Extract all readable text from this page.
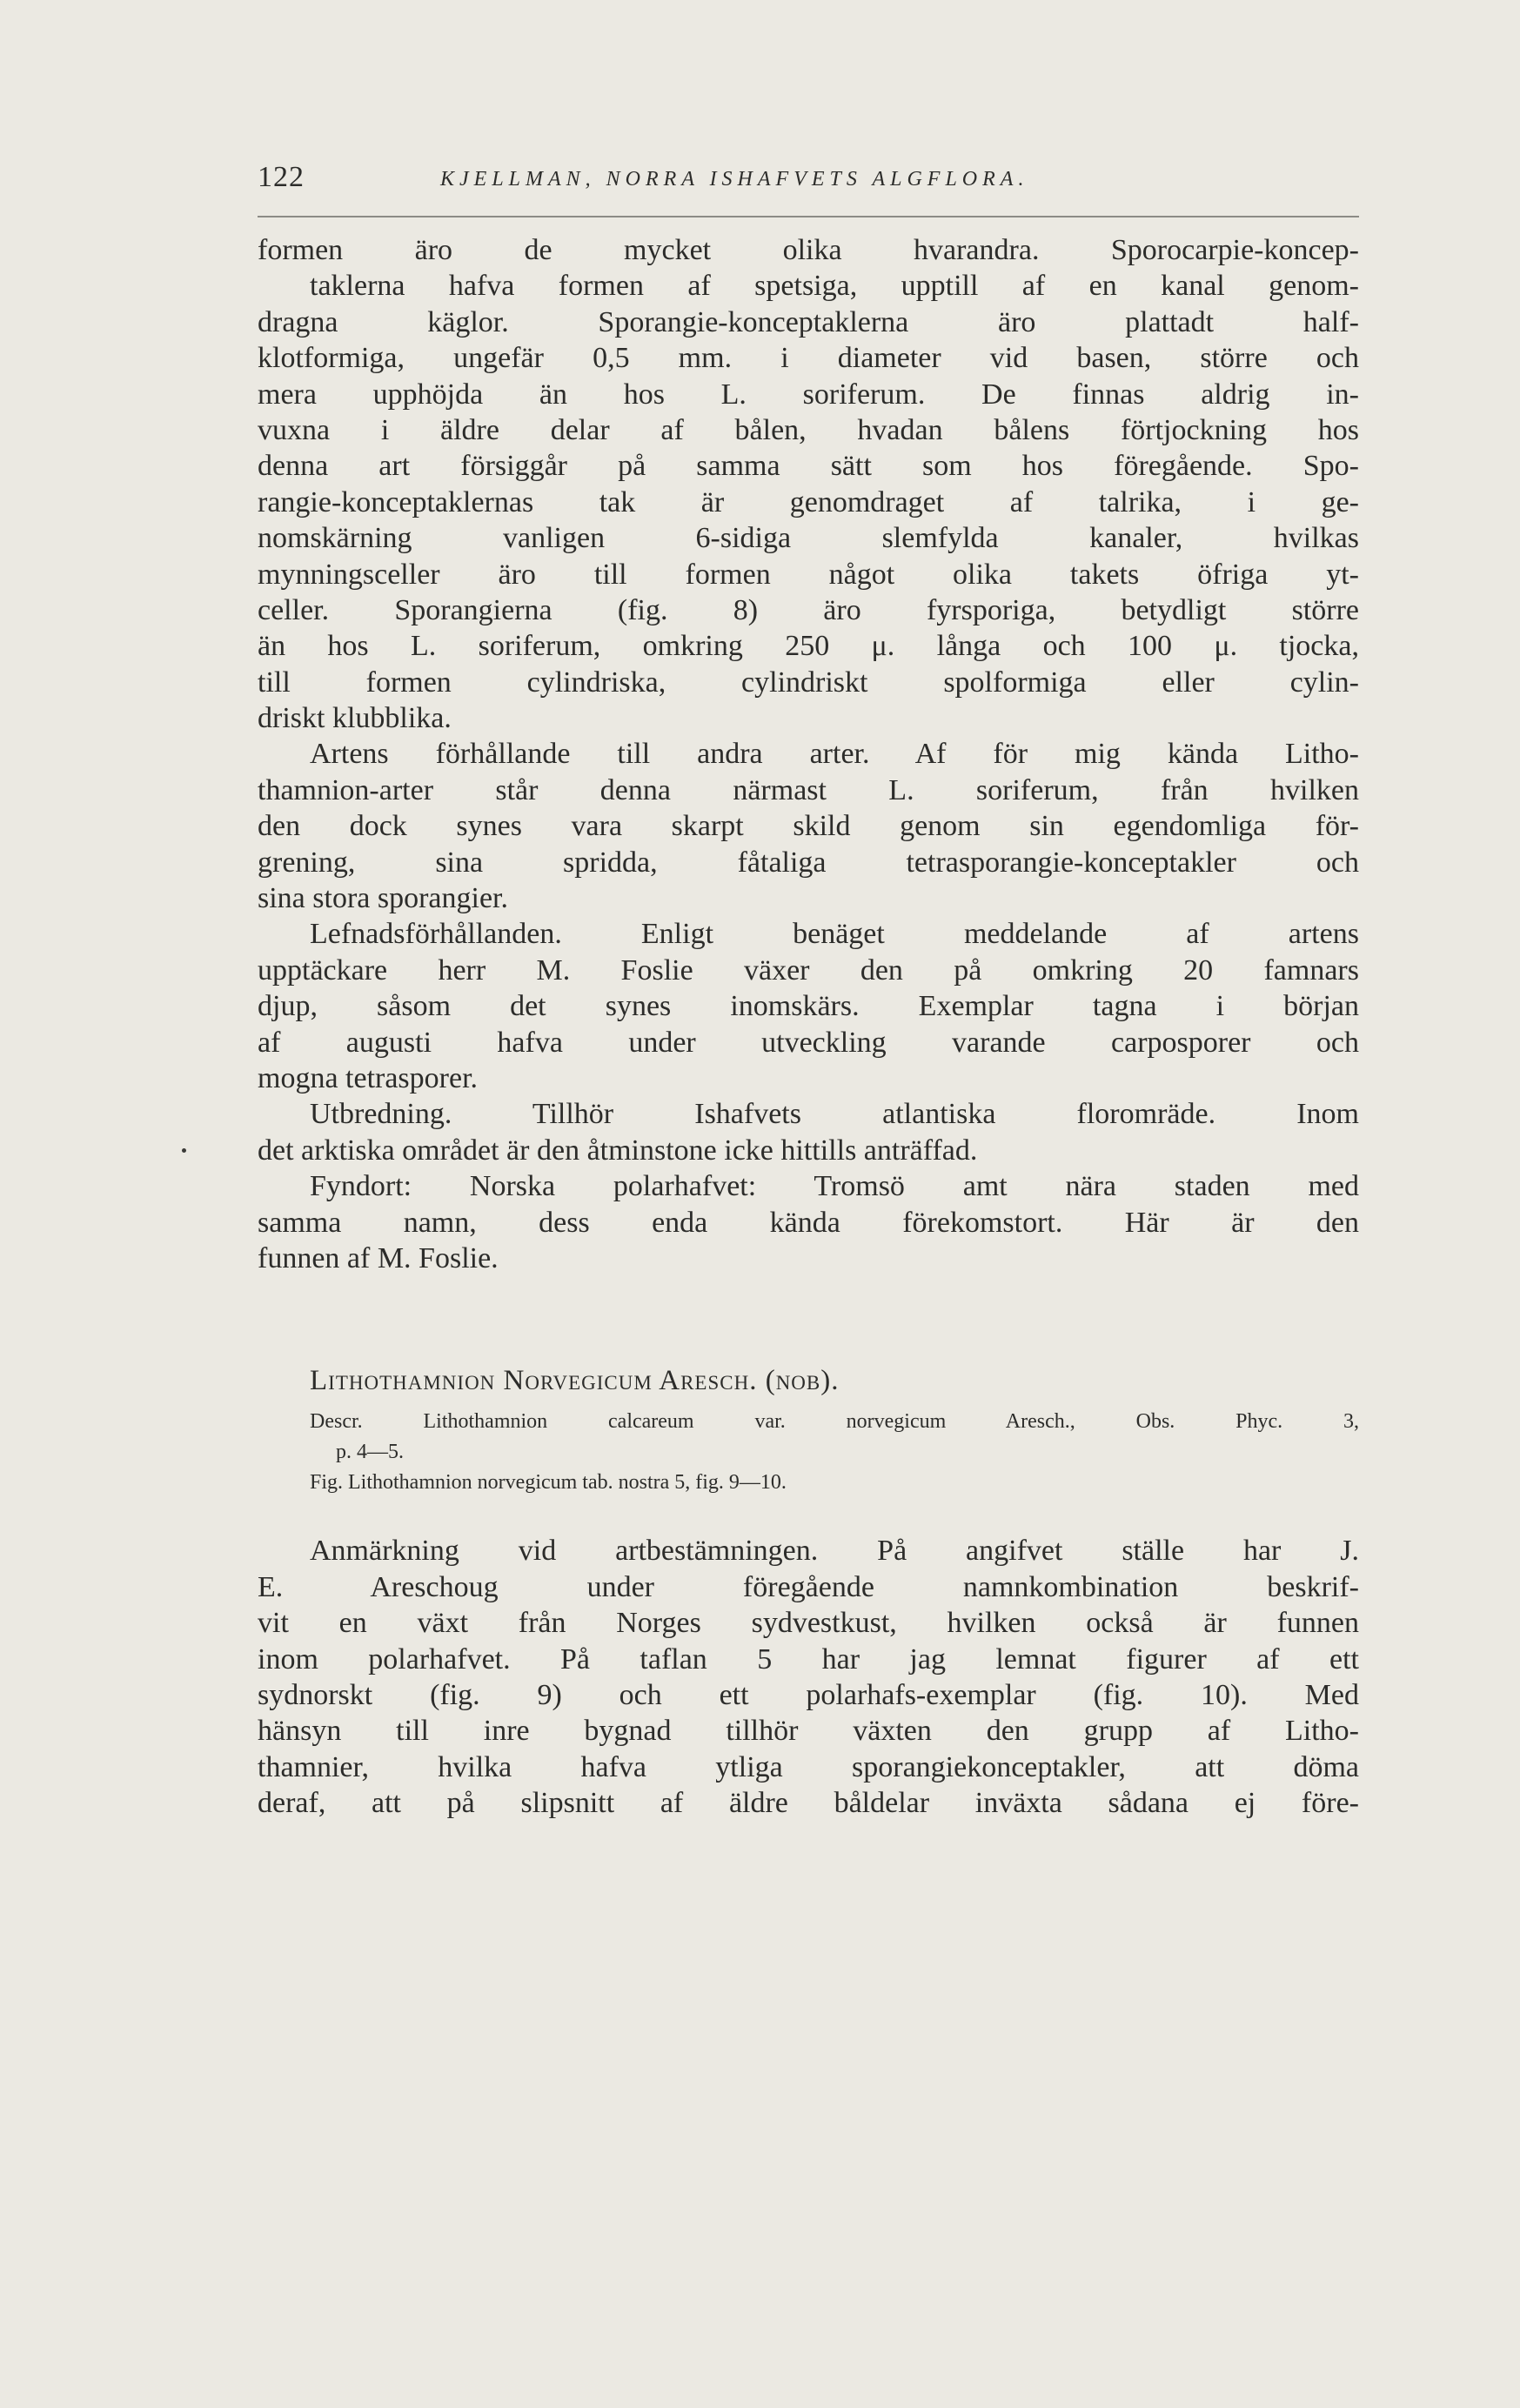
122	KJELLMAN, NORRA ISHAFVETS ALGFLORA.
formen äro de mycket olika hvarandra. Sporocarpie-koncep-
taklerna hafva formen af spetsiga, upptill af en kanal genom-
dragna käglor. Sporangie-konceptaklerna äro plattadt half-
klotformiga, ungefär 0,5 mm. i diameter vid basen, större och
mera upphöjda än hos L. soriferum. De finnas aldrig in-
vuxna i äldre delar af bålen, hvadan bålens förtjockning hos
denna art försiggår på samma sätt som hos föregående. Spo-
rangie-konceptaklernas tak är genomdraget af talrika, i ge-
nomskärning vanligen 6-sidiga slemfylda kanaler, hvilkas
mynningsceller äro till formen något olika takets öfriga yt-
celler. Sporangierna (fig. 8) äro fyrsporiga, betydligt större
än hos L. soriferum, omkring 250 μ. långa och 100 μ. tjocka,
till formen cylindriska, cylindriskt spolformiga eller cylin-
driskt klubblika.
Artens förhållande till andra arter. Af för mig kända Litho-
thamnion-arter står denna närmast L. soriferum, från hvilken
den dock synes vara skarpt skild genom sin egendomliga för-
grening, sina spridda, fåtaliga tetrasporangie-konceptakler och
sina stora sporangier.
Lefnadsförhållanden. Enligt benäget meddelande af artens
upptäckare herr M. Foslie växer den på omkring 20 famnars
djup, såsom det synes inomskärs. Exemplar tagna i början
af augusti hafva under utveckling varande carposporer och
mogna tetrasporer.
Utbredning. Tillhör Ishafvets atlantiska floromräde. Inom
det arktiska området är den åtminstone icke hittills anträffad.
Fyndort: Norska polarhafvet: Tromsö amt nära staden med
samma namn, dess enda kända förekomstort. Här är den
funnen af M. Foslie.
Lithothamnion Norvegicum Aresch. (nob).
Descr. Lithothamnion calcareum var. norvegicum Aresch., Obs. Phyc. 3,
p. 4—5.
Fig. Lithothamnion norvegicum tab. nostra 5, fig. 9—10.
Anmärkning vid artbestämningen. På angifvet ställe har J.
E. Areschoug under föregående namnkombination beskrif-
vit en växt från Norges sydvestkust, hvilken också är funnen
inom polarhafvet. På taflan 5 har jag lemnat figurer af ett
sydnorskt (fig. 9) och ett polarhafs-exemplar (fig. 10). Med
hänsyn till inre bygnad tillhör växten den grupp af Litho-
thamnier, hvilka hafva ytliga sporangiekonceptakler, att döma
deraf, att på slipsnitt af äldre båldelar inväxta sådana ej före-
